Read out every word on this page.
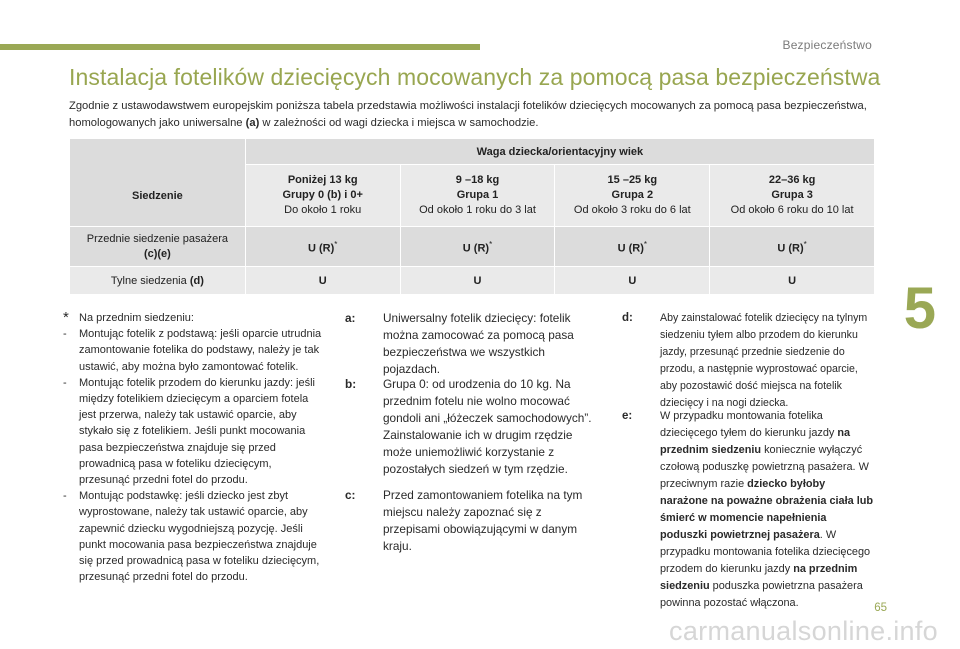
Bezpieczeństwo
Instalacja fotelików dziecięcych mocowanych za pomocą pasa bezpieczeństwa
Zgodnie z ustawodawstwem europejskim poniższa tabela przedstawia możliwości instalacji fotelików dziecięcych mocowanych za pomocą pasa bezpieczeństwa, homologowanych jako uniwersalne (a) w zależności od wagi dziecka i miejsca w samochodzie.
Siedzenie	Waga dziecka/orientacyjny wiek			
	Poniżej 13 kg
Grupy 0 (b) i 0+
Do około 1 roku	9 –18 kg
Grupa 1
Od około 1 roku do 3 lat	15 –25 kg
Grupa 2
Od około 3 roku do 6 lat	22–36 kg
Grupa 3
Od około 6 roku do 10 lat
Przednie siedzenie pasażera
(c)(e)	U (R)*	U (R)*	U (R)*	U (R)*
Tylne siedzenia (d)	U	U	U	U
* Na przednim siedzeniu:
-	Montując fotelik z podstawą: jeśli oparcie utrudnia zamontowanie fotelika do podstawy, należy je tak ustawić, aby można było zamontować fotelik.
-	Montując fotelik przodem do kierunku jazdy: jeśli między fotelikiem dziecięcym a oparciem fotela jest przerwa, należy tak ustawić oparcie, aby stykało się z fotelikiem. Jeśli punkt mocowania pasa bezpieczeństwa znajduje się przed prowadnicą pasa w foteliku dziecięcym, przesunąć przedni fotel do przodu.
-	Montując podstawkę: jeśli dziecko jest zbyt wyprostowane, należy tak ustawić oparcie, aby zapewnić dziecku wygodniejszą pozycję. Jeśli punkt mocowania pasa bezpieczeństwa znajduje się przed prowadnicą pasa w foteliku dziecięcym, przesunąć przedni fotel do przodu.
a:	Uniwersalny fotelik dziecięcy: fotelik można zamocować za pomocą pasa bezpieczeństwa we wszystkich pojazdach.
b:	Grupa 0: od urodzenia do 10 kg. Na przednim fotelu nie wolno mocować gondoli ani „łóżeczek samochodowych”. Zainstalowanie ich w drugim rzędzie może uniemożliwić korzystanie z pozostałych siedzeń w tym rzędzie.
c:	Przed zamontowaniem fotelika na tym miejscu należy zapoznać się z przepisami obowiązującymi w danym kraju.
d:	Aby zainstalować fotelik dziecięcy na tylnym siedzeniu tyłem albo przodem do kierunku jazdy, przesunąć przednie siedzenie do przodu, a następnie wyprostować oparcie, aby pozostawić dość miejsca na fotelik dziecięcy i na nogi dziecka.
e:	W przypadku montowania fotelika dziecięcego tyłem do kierunku jazdy na przednim siedzeniu koniecznie wyłączyć czołową poduszkę powietrzną pasażera. W przeciwnym razie dziecko byłoby narażone na poważne obrażenia ciała lub śmierć w momencie napełnienia poduszki powietrznej pasażera. W przypadku montowania fotelika dziecięcego przodem do kierunku jazdy na przednim siedzeniu poduszka powietrzna pasażera powinna pozostać włączona.
5
65
carmanualsonline.info
